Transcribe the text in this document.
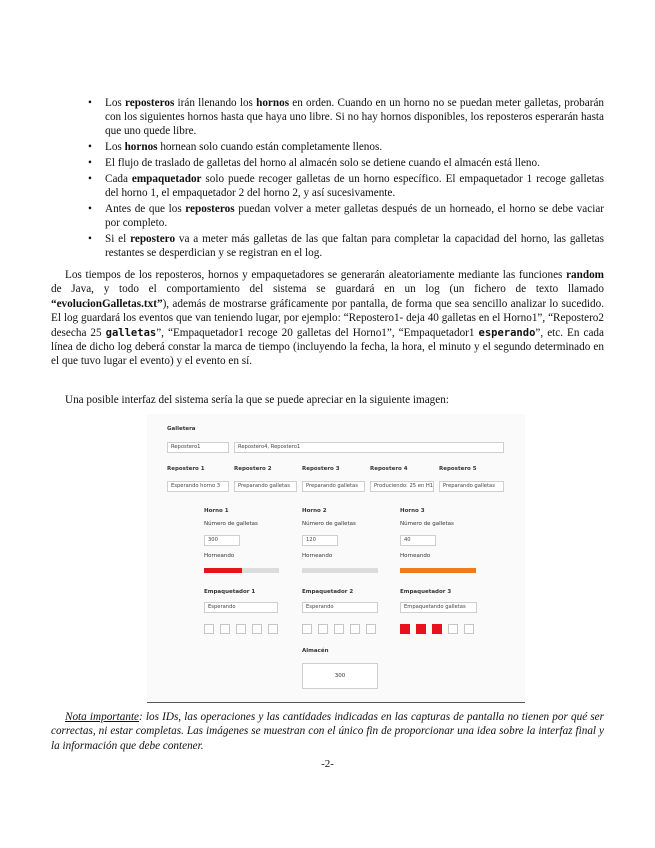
• Los reposteros irán llenando los hornos en orden. Cuando en un horno no se puedan meter galletas, probarán con los siguientes hornos hasta que haya uno libre. Si no hay hornos disponibles, los reposteros esperarán hasta que uno quede libre.
• Los hornos hornean solo cuando están completamente llenos.
• El flujo de traslado de galletas del horno al almacén solo se detiene cuando el almacén está lleno.
• Cada empaquetador solo puede recoger galletas de un horno específico. El empaquetador 1 recoge galletas del horno 1, el empaquetador 2 del horno 2, y así sucesivamente.
• Antes de que los reposteros puedan volver a meter galletas después de un horneado, el horno se debe vaciar por completo.
• Si el repostero va a meter más galletas de las que faltan para completar la capacidad del horno, las galletas restantes se desperdician y se registran en el log.

Los tiempos de los reposteros, hornos y empaquetadores se generarán aleatoriamente mediante las funciones random de Java, y todo el comportamiento del sistema se guardará en un log (un fichero de texto llamado “evolucionGalletas.txt”), además de mostrarse gráficamente por pantalla, de forma que sea sencillo analizar lo sucedido. El log guardará los eventos que van teniendo lugar, por ejemplo: “Repostero1- deja 40 galletas en el Horno1”, “Repostero2 desecha 25 galletas”, “Empaquetador1 recoge 20 galletas del Horno1”, “Empaquetador1 esperando”, etc. En cada línea de dicho log deberá constar la marca de tiempo (incluyendo la fecha, la hora, el minuto y el segundo determinado en el que tuvo lugar el evento) y el evento en sí.

Una posible interfaz del sistema sería la que se puede apreciar en la siguiente imagen:

Galletera
Repostero1	Repostero4, Repostero1
Repostero 1	Repostero 2	Repostero 3	Repostero 4	Repostero 5
Esperando horno 3	Preparando galletas	Preparando galletas	Produciendo: 25 en H1	Preparando galletas
Horno 1
Número de galletas
300
Horneando
Horno 2
Número de galletas
120
Horneando
Horno 3
Número de galletas
40
Horneando
Empaquetador 1
Esperando
Empaquetador 2
Esperando
Empaquetador 3
Empaquetando galletas
Almacén
300

Nota importante: los IDs, las operaciones y las cantidades indicadas en las capturas de pantalla no tienen por qué ser correctas, ni estar completas. Las imágenes se muestran con el único fin de proporcionar una idea sobre la interfaz final y la información que debe contener.

-2-
